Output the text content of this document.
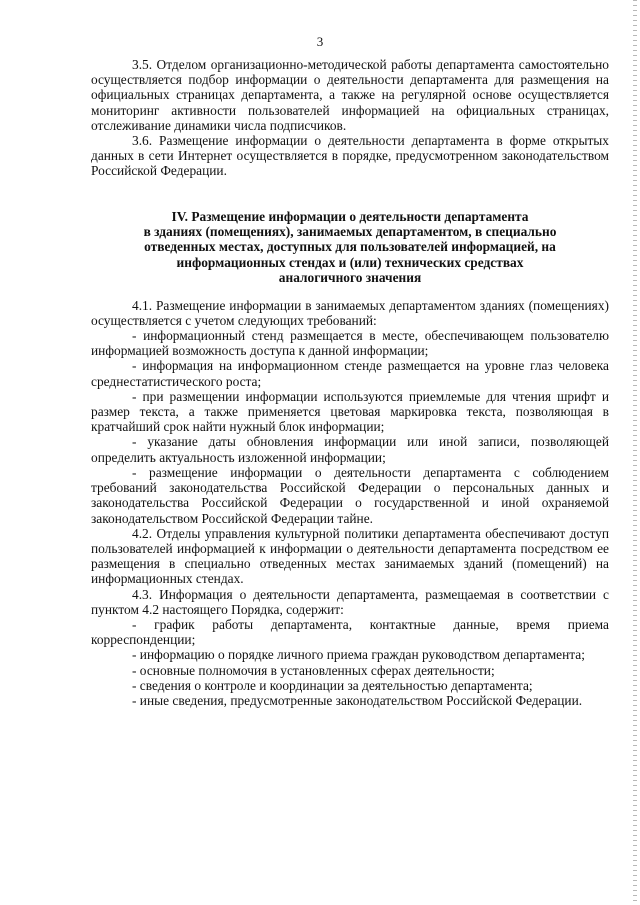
3

3.5. Отделом организационно-методической работы департамента самостоятельно осуществляется подбор информации о деятельности департамента для размещения на официальных страницах департамента, а также на регулярной основе осуществляется мониторинг активности пользователей информацией на официальных страницах, отслеживание динамики числа подписчиков.

3.6. Размещение информации о деятельности департамента в форме открытых данных в сети Интернет осуществляется в порядке, предусмотренном законодательством Российской Федерации.

IV. Размещение информации о деятельности департамента
в зданиях (помещениях), занимаемых департаментом, в специально
отведенных местах, доступных для пользователей информацией, на
информационных стендах и (или) технических средствах
аналогичного значения

4.1. Размещение информации в занимаемых департаментом зданиях (помещениях) осуществляется с учетом следующих требований:

- информационный стенд размещается в месте, обеспечивающем пользователю информацией возможность доступа к данной информации;

- информация на информационном стенде размещается на уровне глаз человека среднестатистического роста;

- при размещении информации используются приемлемые для чтения шрифт и размер текста, а также применяется цветовая маркировка текста, позволяющая в кратчайший срок найти нужный блок информации;

- указание даты обновления информации или иной записи, позволяющей определить актуальность изложенной информации;

- размещение информации о деятельности департамента с соблюдением требований законодательства Российской Федерации о персональных данных и законодательства Российской Федерации о государственной и иной охраняемой законодательством Российской Федерации тайне.

4.2. Отделы управления культурной политики департамента обеспечивают доступ пользователей информацией к информации о деятельности департамента посредством ее размещения в специально отведенных местах занимаемых зданий (помещений) на информационных стендах.

4.3. Информация о деятельности департамента, размещаемая в соответствии с пунктом 4.2 настоящего Порядка, содержит:

- график работы департамента, контактные данные, время приема корреспонденции;

- информацию о порядке личного приема граждан руководством департамента;

- основные полномочия в установленных сферах деятельности;

- сведения о контроле и координации за деятельностью департамента;

- иные сведения, предусмотренные законодательством Российской Федерации.
